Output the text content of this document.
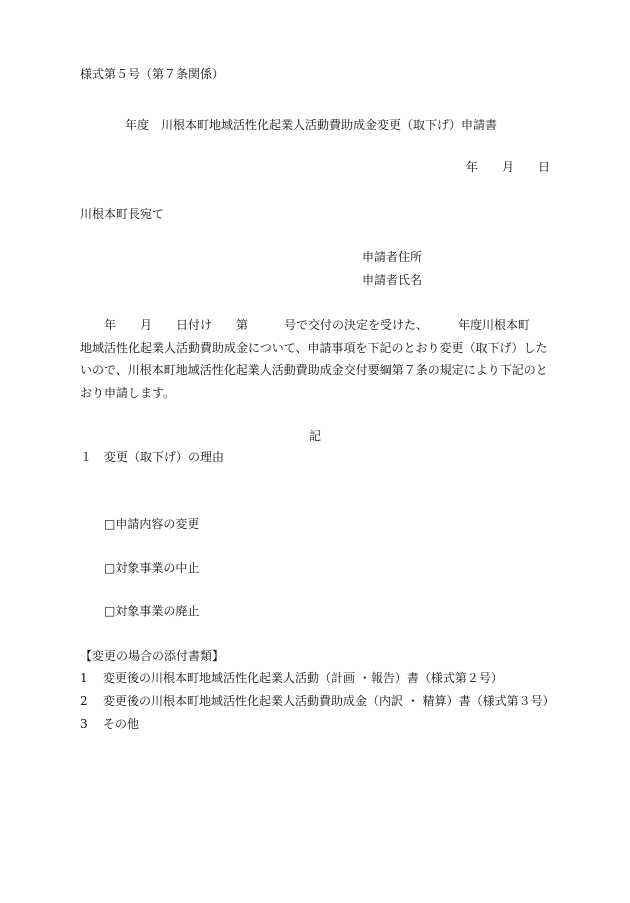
様式第５号（第７条関係）
年度　川根本町地域活性化起業人活動費助成金変更（取下げ）申請書
年　　月　　日
川根本町長宛て
申請者住所
申請者氏名
　　年　　月　　日付け　　第　　　号で交付の決定を受けた、　　　年度川根本町
地域活性化起業人活動費助成金について、申請事項を下記のとおり変更（取下げ）した
いので、川根本町地域活性化起業人活動費助成金交付要綱第７条の規定により下記のと
おり申請します。
記
１　変更（取下げ）の理由
□申請内容の変更
□対象事業の中止
□対象事業の廃止
【変更の場合の添付書類】
1 変更後の川根本町地域活性化起業人活動（計画 ・報告）書（様式第２号）
2 変更後の川根本町地域活性化起業人活動費助成金（内訳 ・ 精算）書（様式第３号）
3 その他
